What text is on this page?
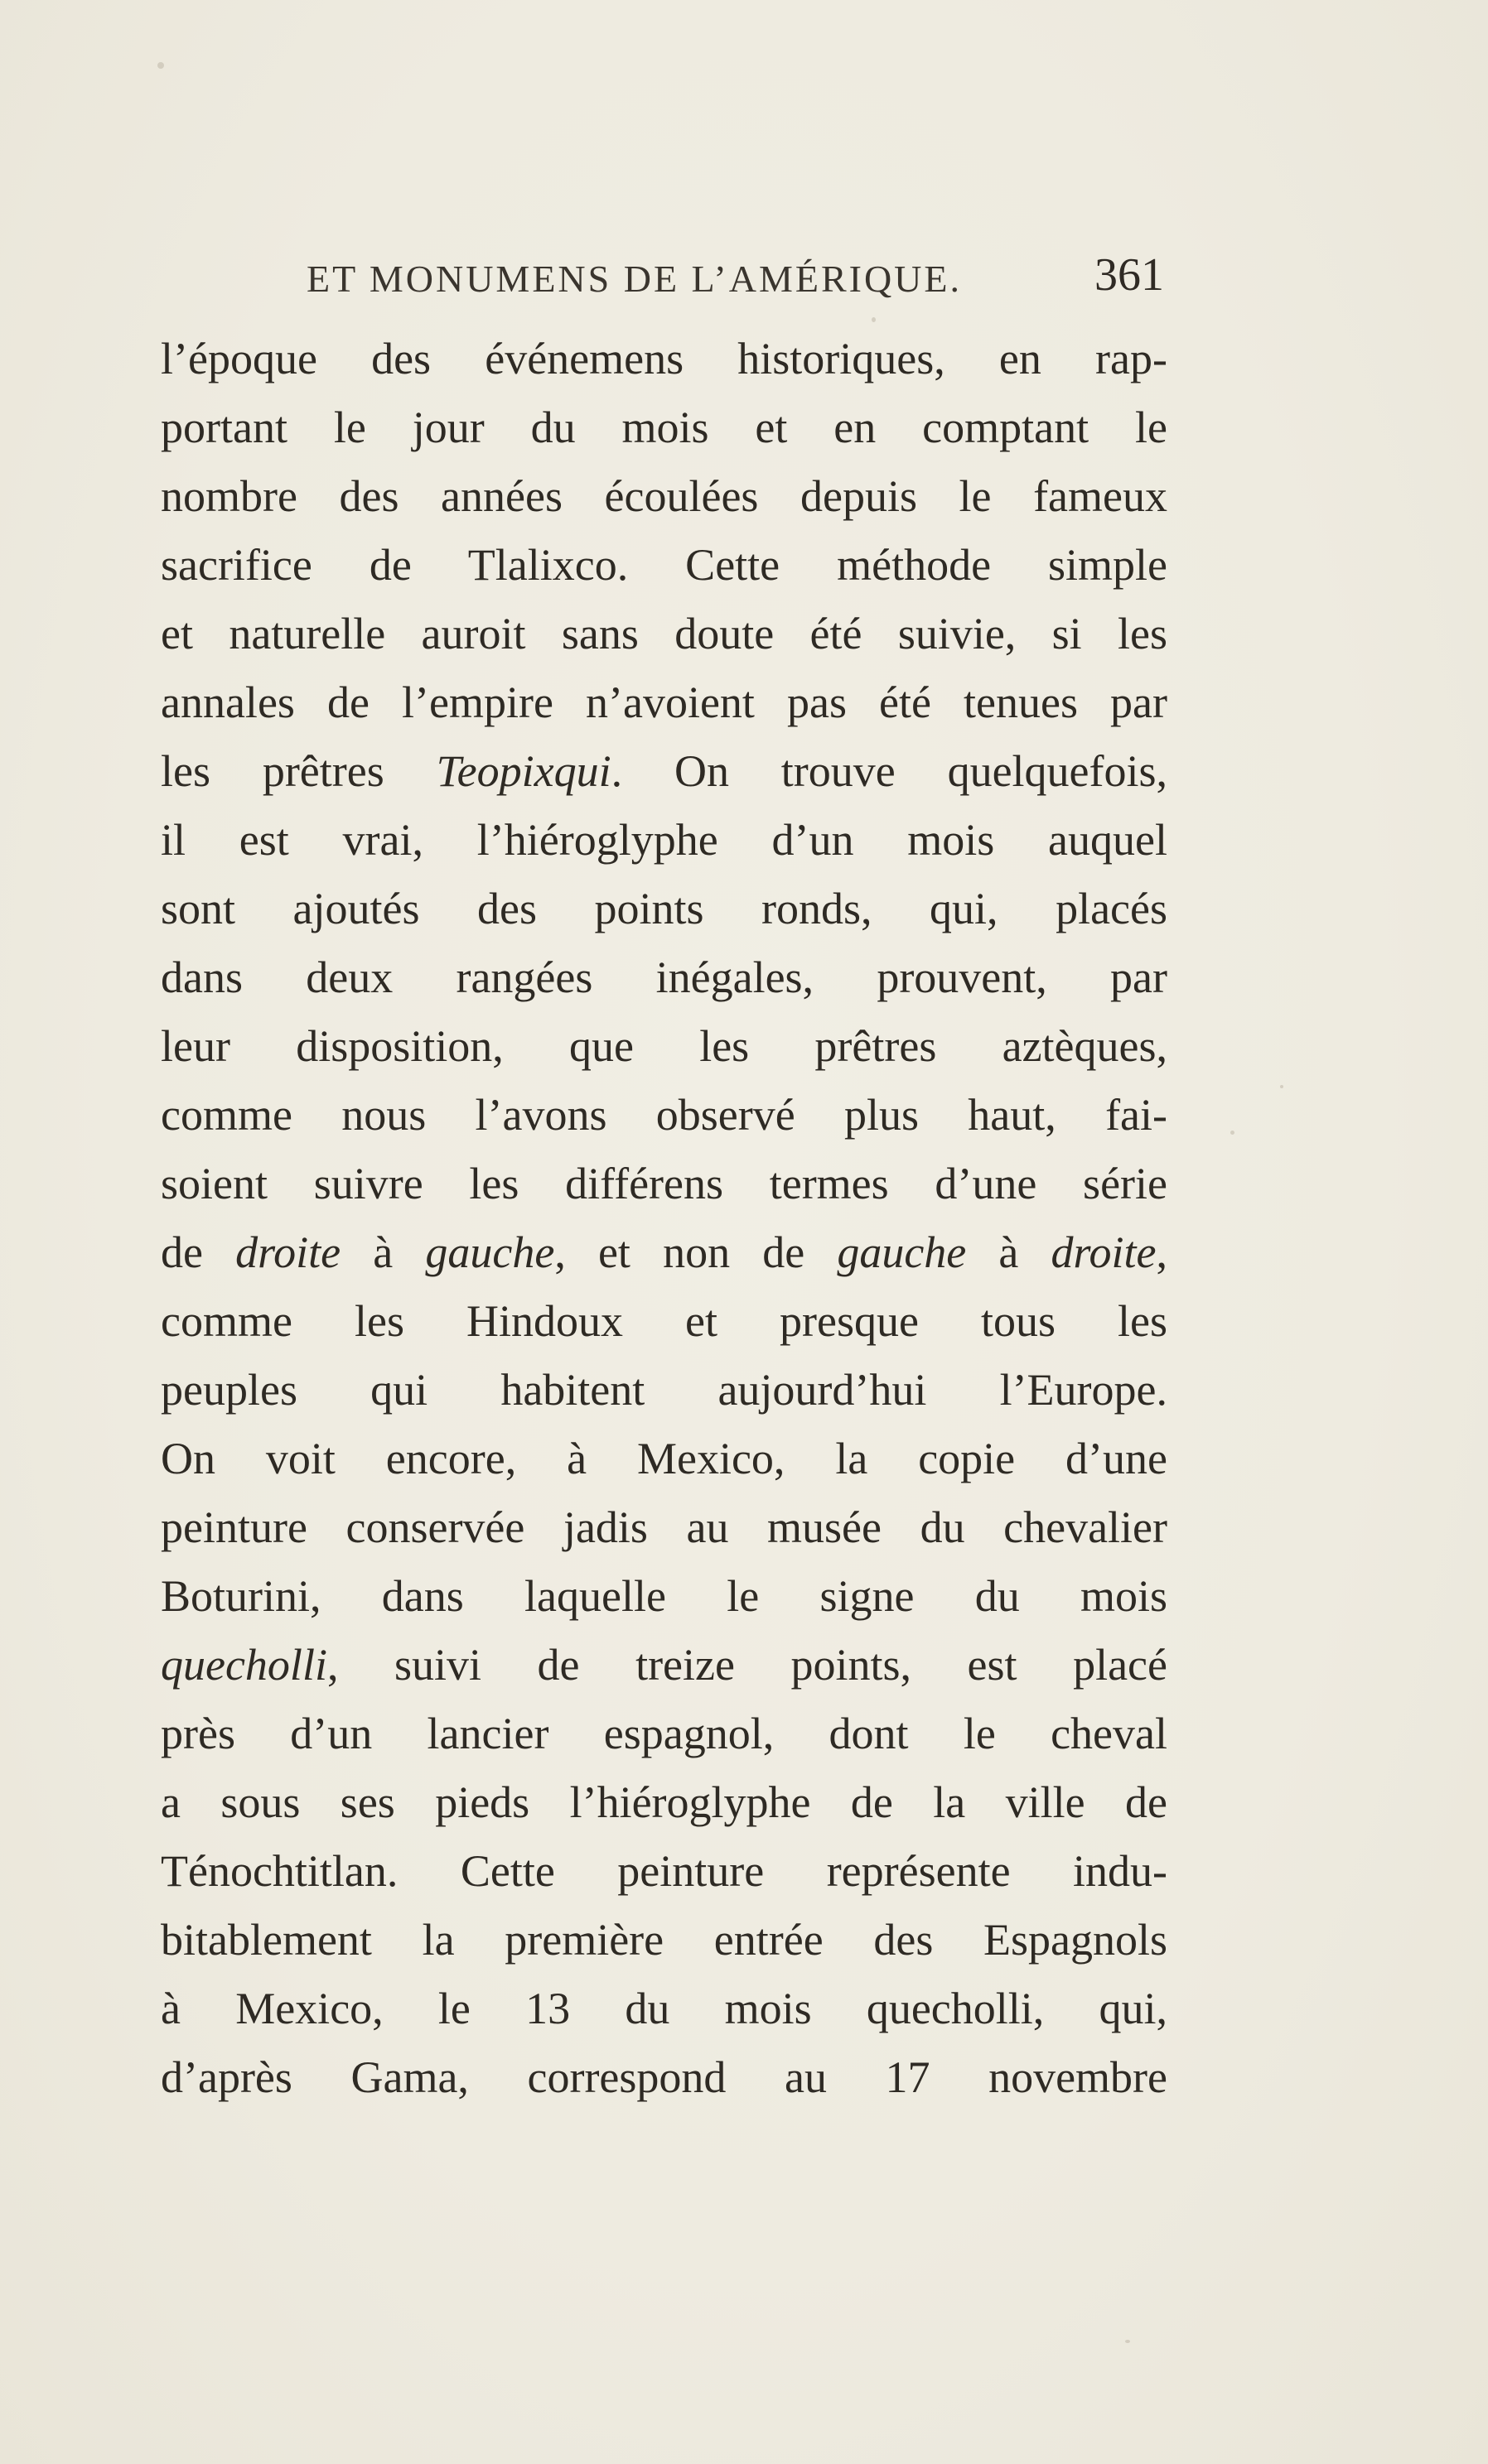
ET MONUMENS DE L’AMÉRIQUE.	361
l’époque des événemens historiques, en rap-
portant le jour du mois et en comptant le
nombre des années écoulées depuis le fameux
sacrifice de Tlalixco. Cette méthode simple
et naturelle auroit sans doute été suivie, si les
annales de l’empire n’avoient pas été tenues par
les prêtres Teopixqui. On trouve quelquefois,
il est vrai, l’hiéroglyphe d’un mois auquel
sont ajoutés des points ronds, qui, placés
dans deux rangées inégales, prouvent, par
leur disposition, que les prêtres aztèques,
comme nous l’avons observé plus haut, fai-
soient suivre les différens termes d’une série
de droite à gauche, et non de gauche à droite,
comme les Hindoux et presque tous les
peuples qui habitent aujourd’hui l’Europe.
On voit encore, à Mexico, la copie d’une
peinture conservée jadis au musée du chevalier
Boturini, dans laquelle le signe du mois
quecholli, suivi de treize points, est placé
près d’un lancier espagnol, dont le cheval
a sous ses pieds l’hiéroglyphe de la ville de
Ténochtitlan. Cette peinture représente indu-
bitablement la première entrée des Espagnols
à Mexico, le 13 du mois quecholli, qui,
d’après Gama, correspond au 17 novembre
